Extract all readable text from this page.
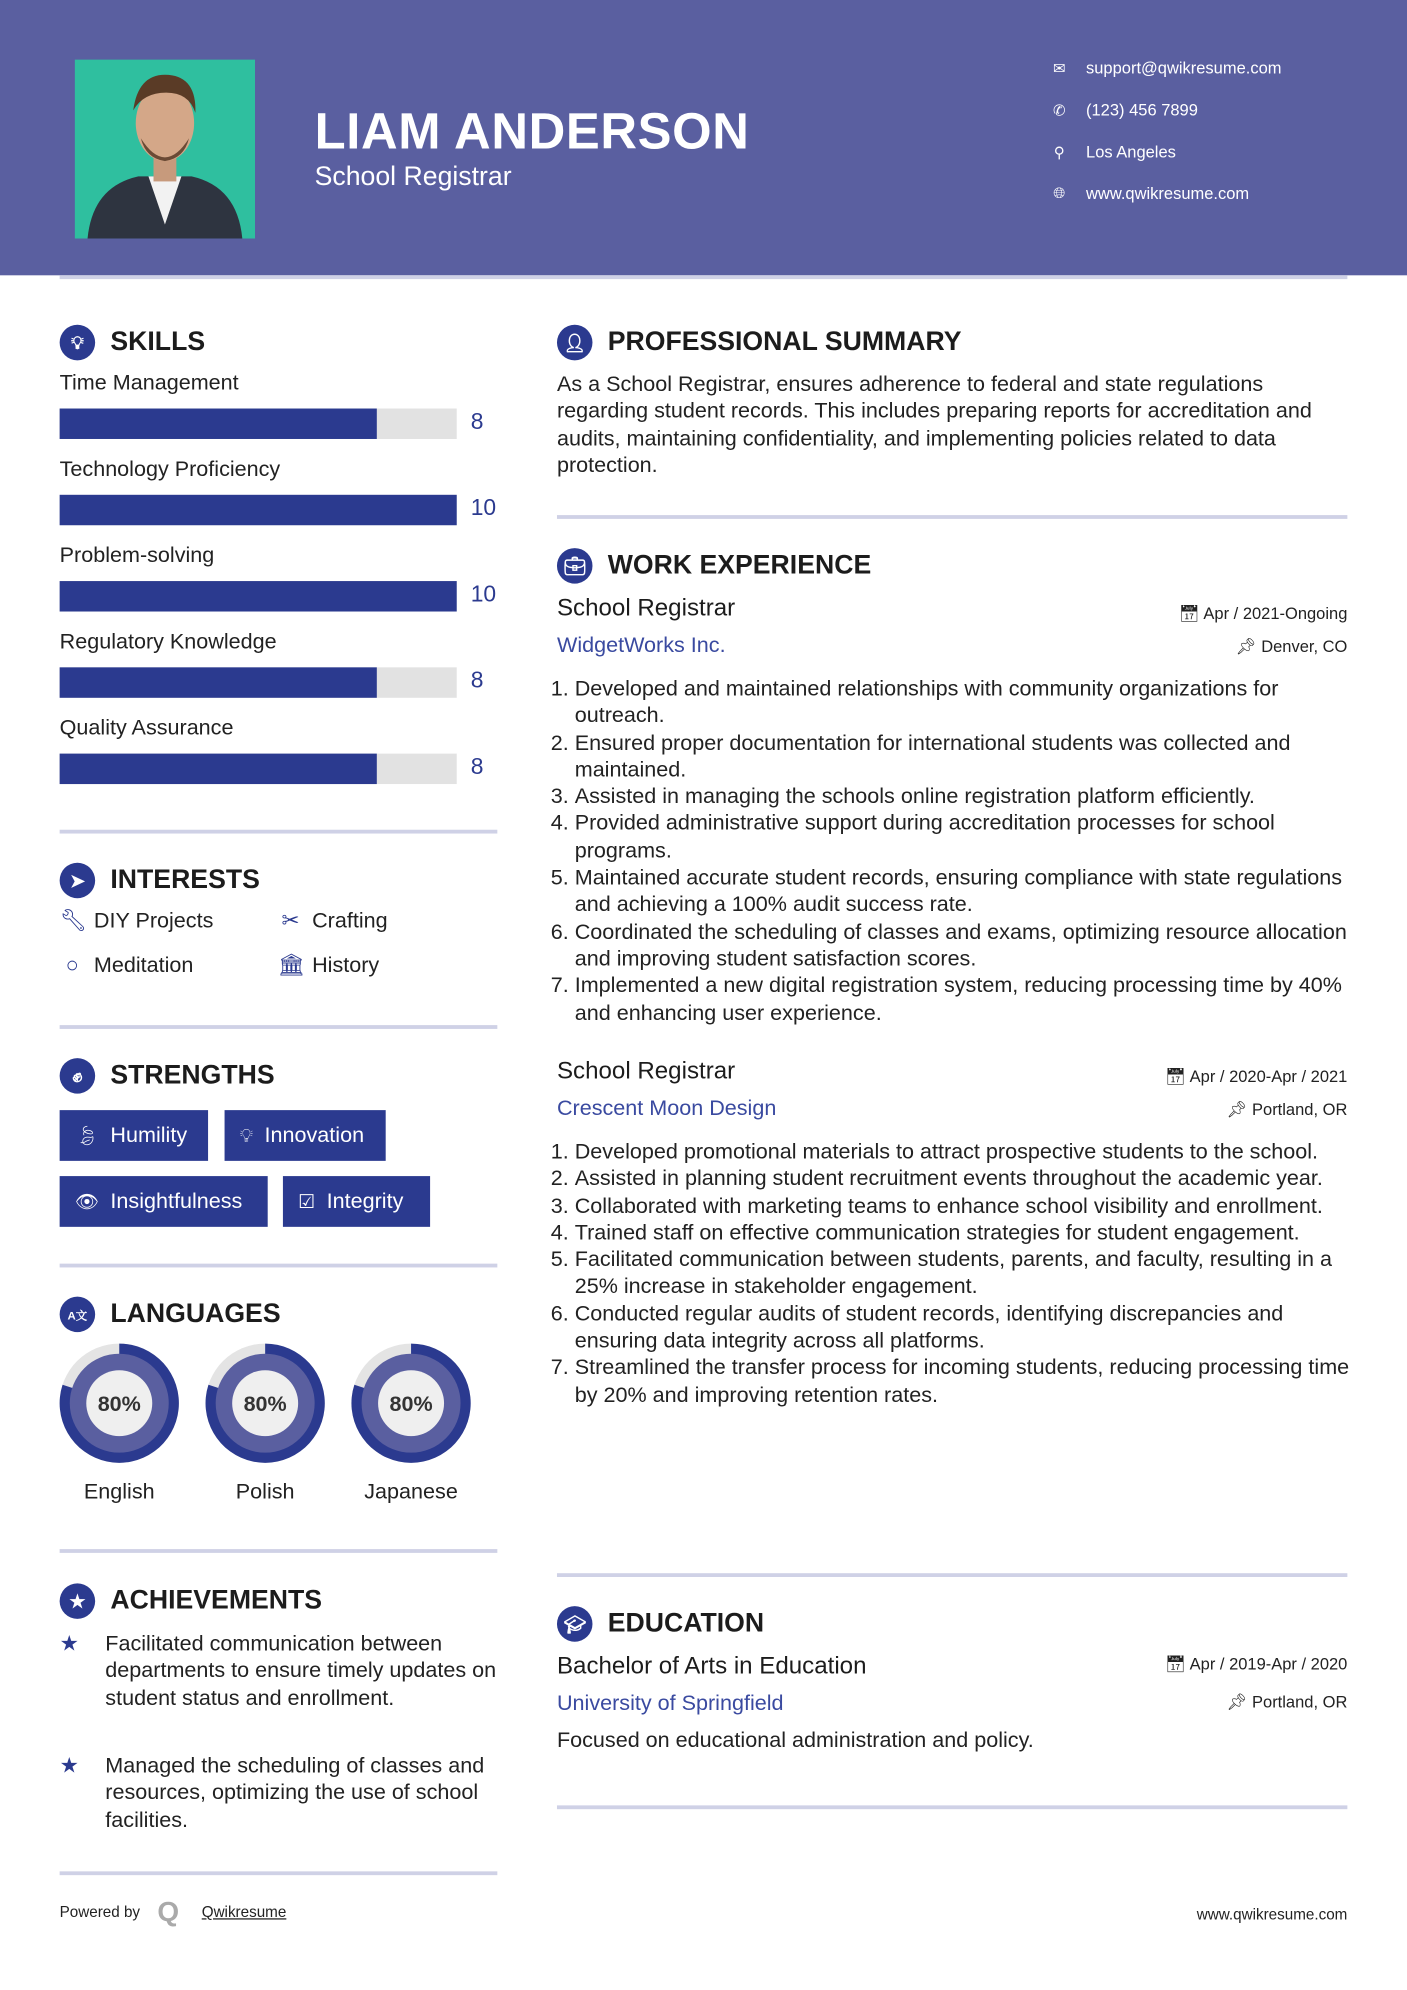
LIAM ANDERSON
School Registrar
✉ support@qwikresume.com
✆ (123) 456 7899
⚲ Los Angeles
🌐︎ www.qwikresume.com
💡︎	SKILLS
Time Management
8
Technology Proficiency
10
Problem-solving
10
Regulatory Knowledge
8
Quality Assurance
8
➤	INTERESTS
🔧︎ DIY Projects	✂ Crafting
○ Meditation	🏛︎ History
✊︎	STRENGTHS
🍃︎ Humility	💡︎ Innovation
👁︎ Insightfulness	☑ Integrity
A文	LANGUAGES
80%
English
80%
Polish
80%
Japanese
★	ACHIEVEMENTS
★	Facilitated communication between departments to ensure timely updates on student status and enrollment.
★	Managed the scheduling of classes and resources, optimizing the use of school facilities.
👤︎	PROFESSIONAL SUMMARY
As a School Registrar, ensures adherence to federal and state regulations regarding student records. This includes preparing reports for accreditation and audits, maintaining confidentiality, and implementing policies related to data protection.
💼︎	WORK EXPERIENCE
School Registrar
WidgetWorks Inc.
📅︎ Apr / 2021-Ongoing
📌︎ Denver, CO
1. Developed and maintained relationships with community organizations for outreach.
2. Ensured proper documentation for international students was collected and maintained.
3. Assisted in managing the schools online registration platform efficiently.
4. Provided administrative support during accreditation processes for school programs.
5. Maintained accurate student records, ensuring compliance with state regulations and achieving a 100% audit success rate.
6. Coordinated the scheduling of classes and exams, optimizing resource allocation and improving student satisfaction scores.
7. Implemented a new digital registration system, reducing processing time by 40% and enhancing user experience.
School Registrar
Crescent Moon Design
📅︎ Apr / 2020-Apr / 2021
📌︎ Portland, OR
1. Developed promotional materials to attract prospective students to the school.
2. Assisted in planning student recruitment events throughout the academic year.
3. Collaborated with marketing teams to enhance school visibility and enrollment.
4. Trained staff on effective communication strategies for student engagement.
5. Facilitated communication between students, parents, and faculty, resulting in a 25% increase in stakeholder engagement.
6. Conducted regular audits of student records, identifying discrepancies and ensuring data integrity across all platforms.
7. Streamlined the transfer process for incoming students, reducing processing time by 20% and improving retention rates.
🎓︎	EDUCATION
Bachelor of Arts in Education
University of Springfield
📅︎ Apr / 2019-Apr / 2020
📌︎ Portland, OR
Focused on educational administration and policy.
Powered by Q Qwikresume	www.qwikresume.com
